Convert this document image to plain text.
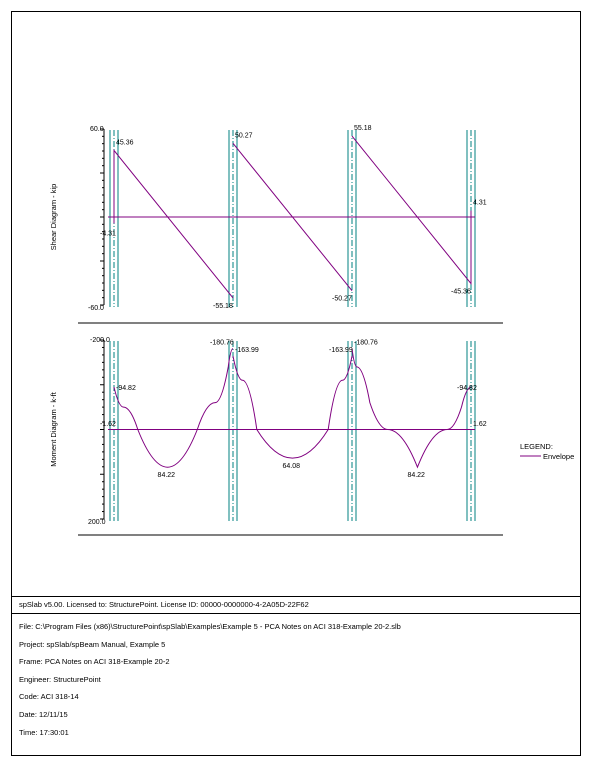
60.0
-60.0
Shear Diagram - kip	-4.31
45.36
-55.18
50.27
-50.27
55.18
-45.36
4.31
-200.0
200.0
Moment Diagram - k-ft
-94.82
-1.62
84.22
-180.76
-163.99
64.08
-163.99
-180.76
84.22
-94.82
1.62
LEGEND:
Envelope
spSlab v5.00. Licensed to: StructurePoint. License ID: 00000-0000000-4-2A05D-22F62
File: C:\Program Files (x86)\StructurePoint\spSlab\Examples\Example 5 - PCA Notes on ACI 318-Example 20-2.slb
Project: spSlab/spBeam Manual, Example 5
Frame: PCA Notes on ACI 318-Example 20-2
Engineer: StructurePoint
Code: ACI 318-14
Date: 12/11/15
Time: 17:30:01
